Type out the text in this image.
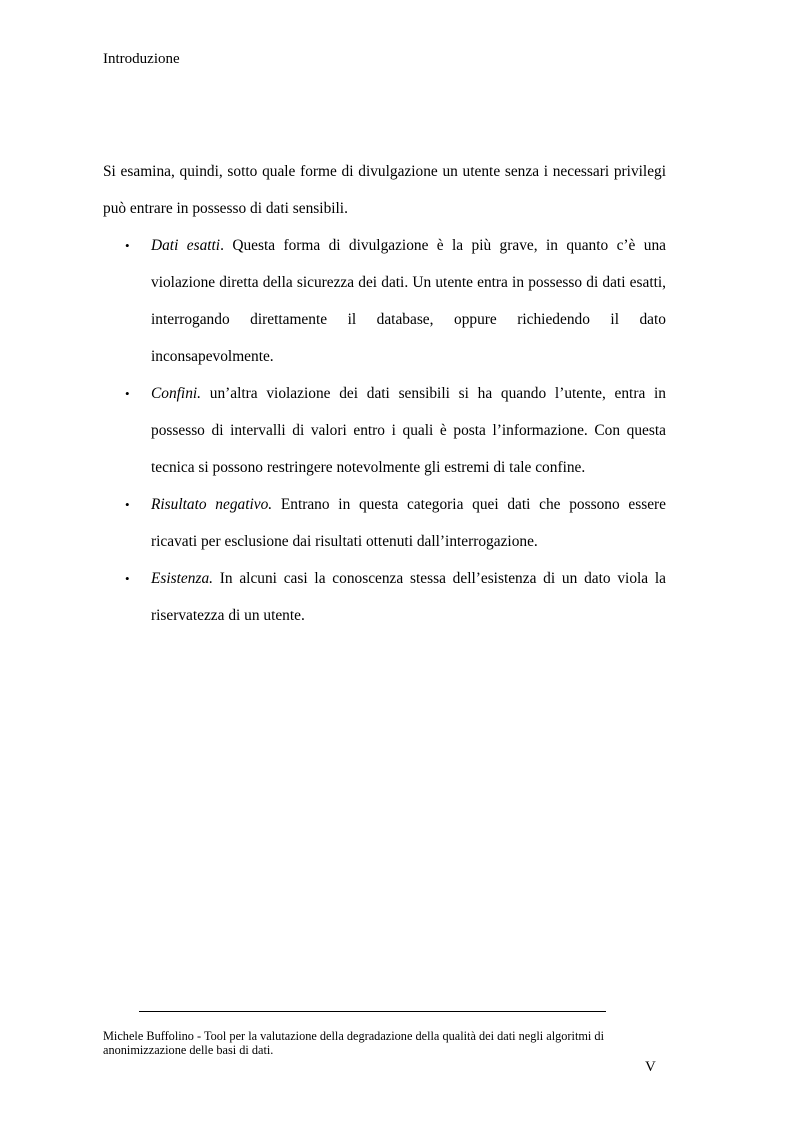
Introduzione

Si esamina, quindi, sotto quale forme di divulgazione un utente senza i necessari privilegi può entrare in possesso di dati sensibili.

• Dati esatti. Questa forma di divulgazione è la più grave, in quanto c’è una violazione diretta della sicurezza dei dati. Un utente entra in possesso di dati esatti, interrogando direttamente il database, oppure richiedendo il dato inconsapevolmente.
• Confini. un’altra violazione dei dati sensibili si ha quando l’utente, entra in possesso di intervalli di valori entro i quali è posta l’informazione. Con questa tecnica si possono restringere notevolmente gli estremi di tale confine.
• Risultato negativo. Entrano in questa categoria quei dati che possono essere ricavati per esclusione dai risultati ottenuti dall’interrogazione.
• Esistenza. In alcuni casi la conoscenza stessa dell’esistenza di un dato viola la riservatezza di un utente.
Michele Buffolino - Tool per la valutazione della degradazione della qualità dei dati negli algoritmi di anonimizzazione delle basi di dati.
V
